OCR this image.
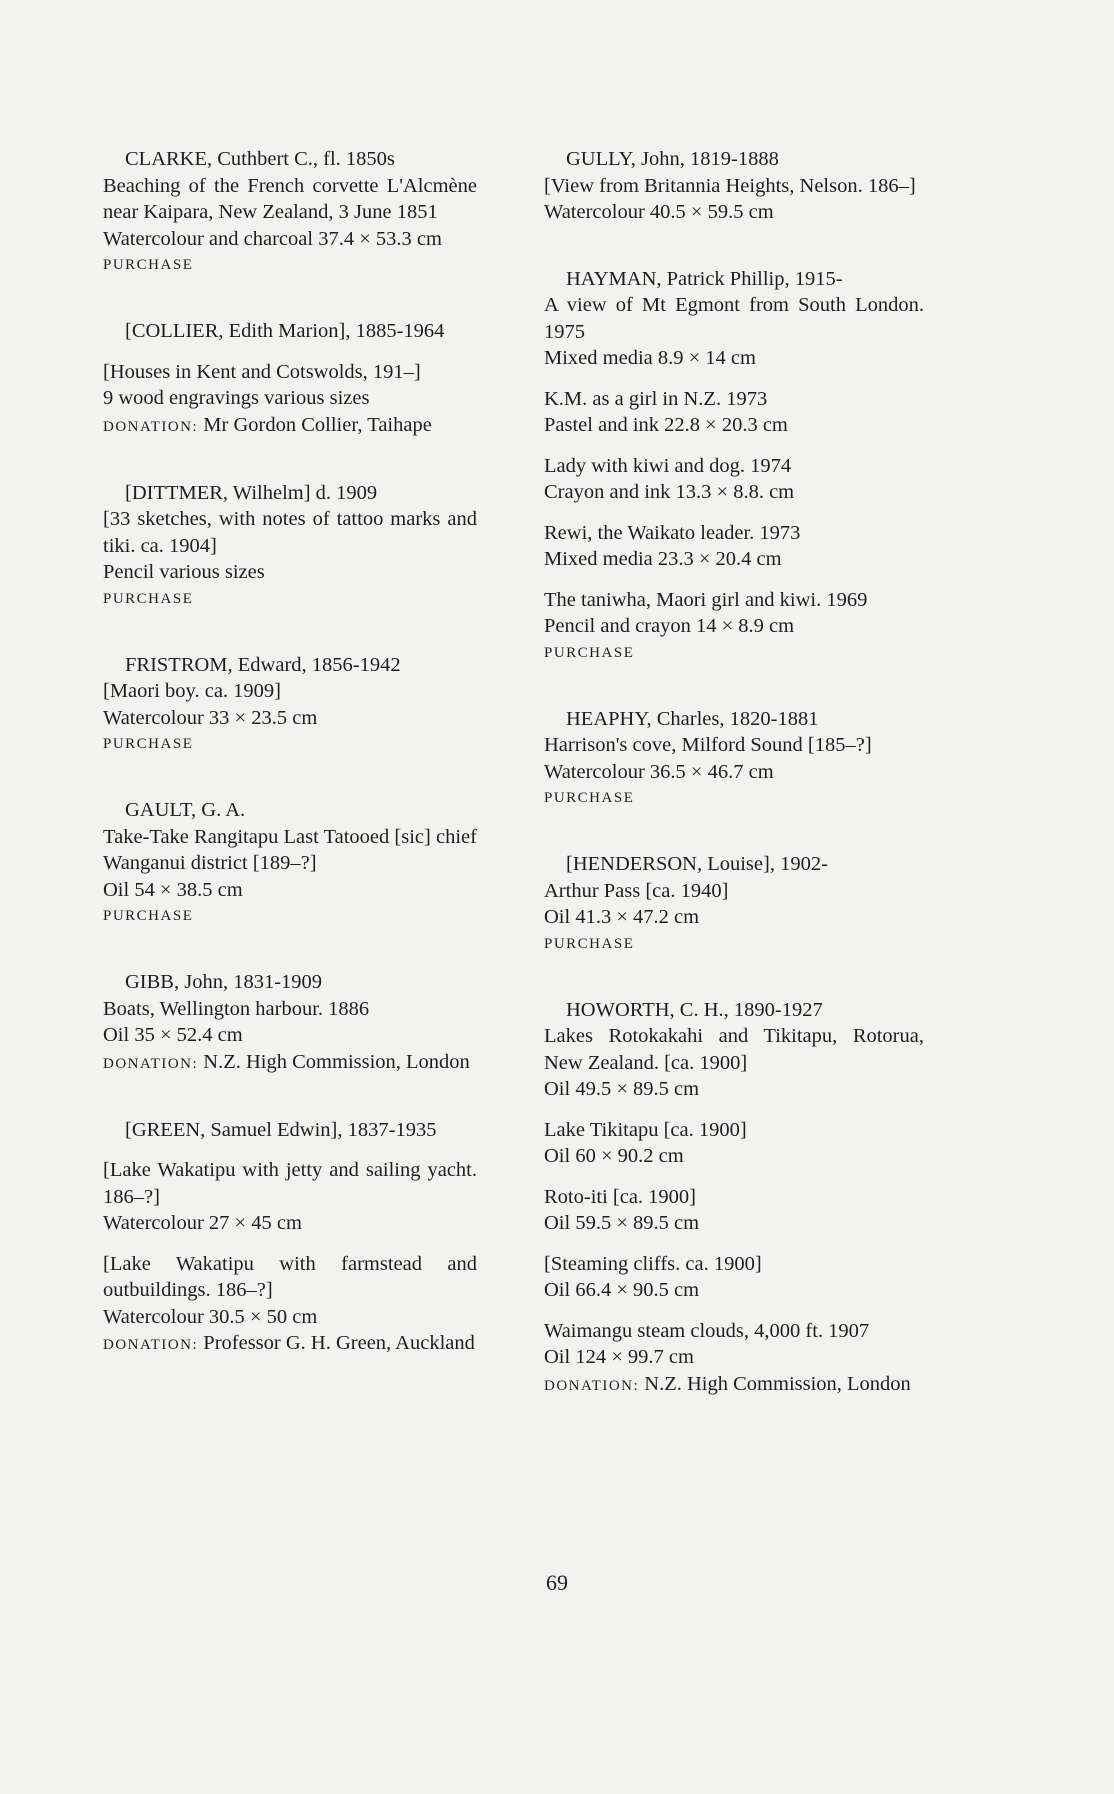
CLARKE, Cuthbert C., fl. 1850s

Beaching of the French corvette L'Alcmène near Kaipara, New Zealand, 3 June 1851

Watercolour and charcoal 37.4 × 53.3 cm

PURCHASE

[COLLIER, Edith Marion], 1885-1964

[Houses in Kent and Cotswolds, 191–]

9 wood engravings various sizes

DONATION: Mr Gordon Collier, Taihape

[DITTMER, Wilhelm] d. 1909

[33 sketches, with notes of tattoo marks and tiki. ca. 1904]

Pencil various sizes

PURCHASE

FRISTROM, Edward, 1856-1942

[Maori boy. ca. 1909]

Watercolour 33 × 23.5 cm

PURCHASE

GAULT, G. A.

Take-Take Rangitapu Last Tatooed [sic] chief Wanganui district [189–?]

Oil 54 × 38.5 cm

PURCHASE

GIBB, John, 1831-1909

Boats, Wellington harbour. 1886

Oil 35 × 52.4 cm

DONATION: N.Z. High Commission, London

[GREEN, Samuel Edwin], 1837-1935

[Lake Wakatipu with jetty and sailing yacht. 186–?]

Watercolour 27 × 45 cm

[Lake Wakatipu with farmstead and outbuildings. 186–?]

Watercolour 30.5 × 50 cm

DONATION: Professor G. H. Green, Auckland

GULLY, John, 1819-1888

[View from Britannia Heights, Nelson. 186–]

Watercolour 40.5 × 59.5 cm

HAYMAN, Patrick Phillip, 1915-

A view of Mt Egmont from South London. 1975

Mixed media 8.9 × 14 cm

K.M. as a girl in N.Z. 1973

Pastel and ink 22.8 × 20.3 cm

Lady with kiwi and dog. 1974

Crayon and ink 13.3 × 8.8. cm

Rewi, the Waikato leader. 1973

Mixed media 23.3 × 20.4 cm

The taniwha, Maori girl and kiwi. 1969

Pencil and crayon 14 × 8.9 cm

PURCHASE

HEAPHY, Charles, 1820-1881

Harrison's cove, Milford Sound [185–?]

Watercolour 36.5 × 46.7 cm

PURCHASE

[HENDERSON, Louise], 1902-

Arthur Pass [ca. 1940]

Oil 41.3 × 47.2 cm

PURCHASE

HOWORTH, C. H., 1890-1927

Lakes Rotokakahi and Tikitapu, Rotorua, New Zealand. [ca. 1900]

Oil 49.5 × 89.5 cm

Lake Tikitapu [ca. 1900]

Oil 60 × 90.2 cm

Roto-iti [ca. 1900]

Oil 59.5 × 89.5 cm

[Steaming cliffs. ca. 1900]

Oil 66.4 × 90.5 cm

Waimangu steam clouds, 4,000 ft. 1907

Oil 124 × 99.7 cm

DONATION: N.Z. High Commission, London

69
